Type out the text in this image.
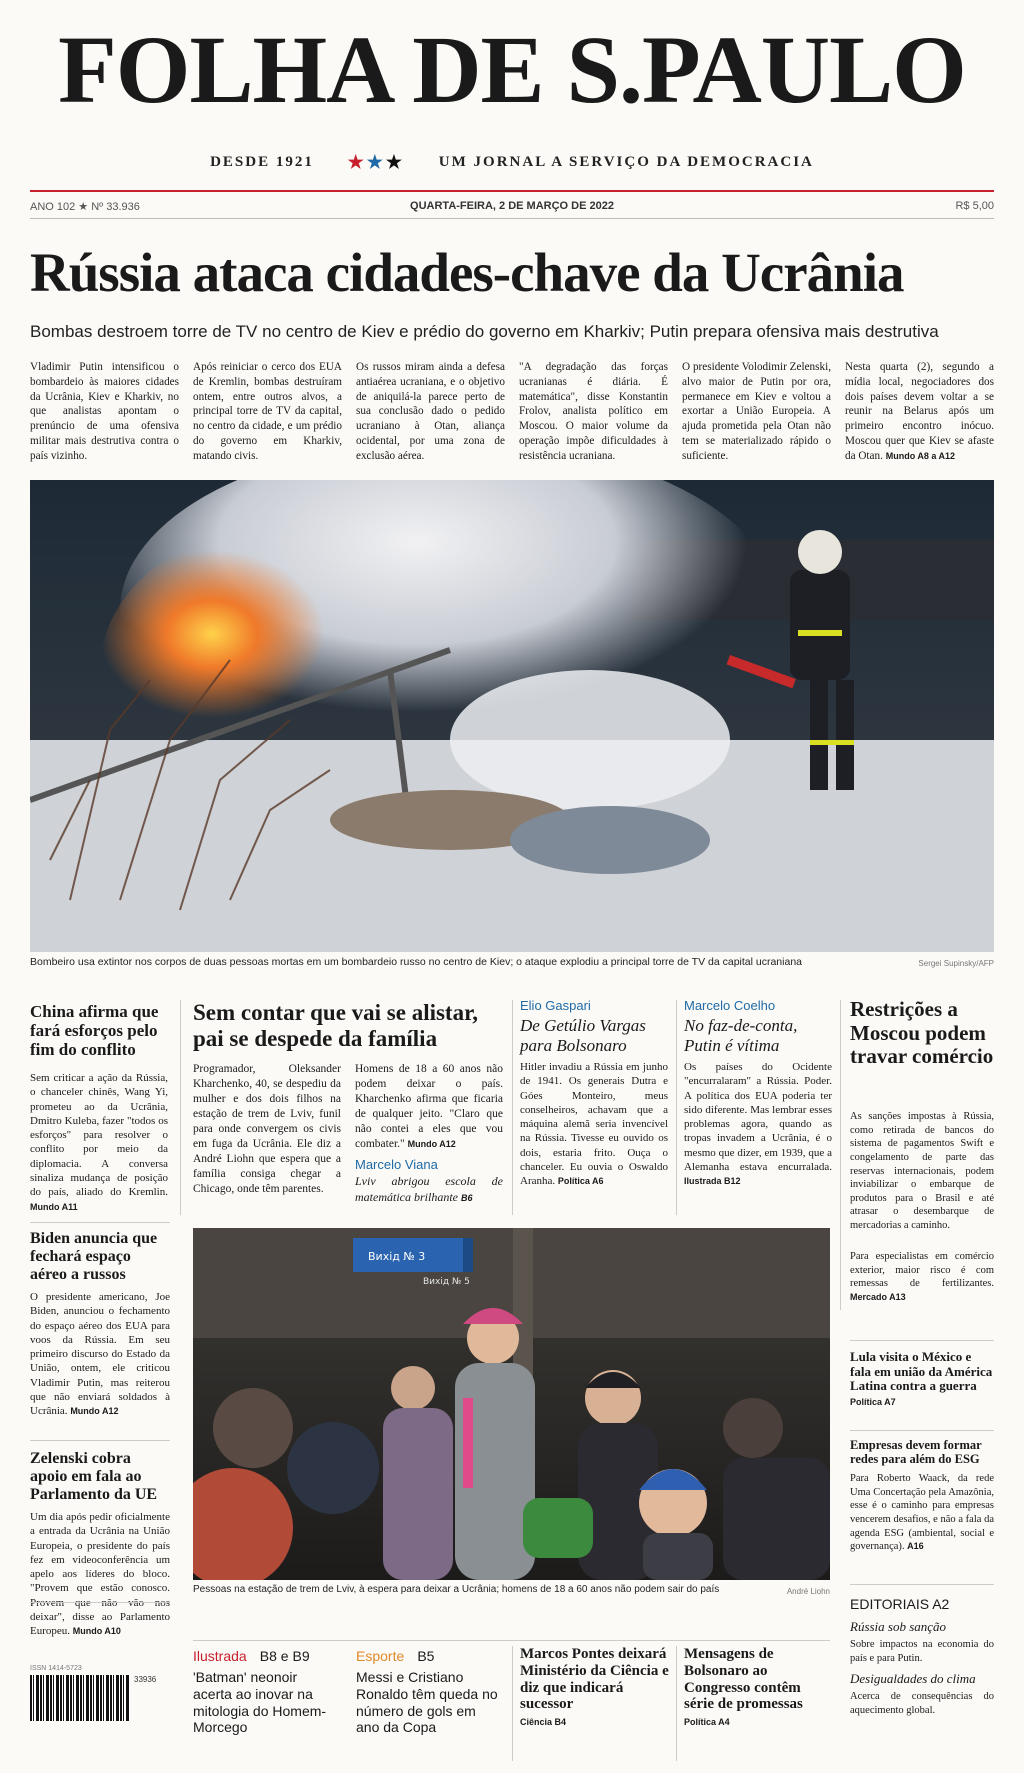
FOLHA DE S.PAULO
DESDE 1921 ★★★ UM JORNAL A SERVIÇO DA DEMOCRACIA
ANO 102 ★ Nº 33.936	QUARTA-FEIRA, 2 DE MARÇO DE 2022	R$ 5,00
Rússia ataca cidades-chave da Ucrânia
Bombas destroem torre de TV no centro de Kiev e prédio do governo em Kharkiv; Putin prepara ofensiva mais destrutiva
Vladimir Putin intensificou o bombardeio às maiores cidades da Ucrânia, Kiev e Kharkiv, no que analistas apontam o prenúncio de uma ofensiva militar mais destrutiva contra o país vizinho.
Após reiniciar o cerco dos EUA de Kremlin, bombas destruíram ontem, entre outros alvos, a principal torre de TV da capital, no centro da cidade, e um prédio do governo em Kharkiv, matando civis.
Os russos miram ainda a defesa antiaérea ucraniana, e o objetivo de aniquilá-la parece perto de sua conclusão dado o pedido ucraniano à Otan, aliança ocidental, por uma zona de exclusão aérea.
"A degradação das forças ucranianas é diária. É matemática", disse Konstantin Frolov, analista político em Moscou. O maior volume da operação impõe dificuldades à resistência ucraniana.
O presidente Volodimir Zelenski, alvo maior de Putin por ora, permanece em Kiev e voltou a exortar a União Europeia. A ajuda prometida pela Otan não tem se materializado rápido o suficiente.
Nesta quarta (2), segundo a mídia local, negociadores dos dois países devem voltar a se reunir na Belarus após um primeiro encontro inócuo. Moscou quer que Kiev se afaste da Otan. Mundo A8 a A12
Bombeiro usa extintor nos corpos de duas pessoas mortas em um bombardeio russo no centro de Kiev; o ataque explodiu a principal torre de TV da capital ucraniana	Sergei Supinsky/AFP
China afirma que fará esforços pelo fim do conflito
Sem criticar a ação da Rússia, o chanceler chinês, Wang Yi, prometeu ao da Ucrânia, Dmitro Kuleba, fazer "todos os esforços" para resolver o conflito por meio da diplomacia. A conversa sinaliza mudança de posição do país, aliado do Kremlin. Mundo A11
Sem contar que vai se alistar, pai se despede da família
Programador, Oleksander Kharchenko, 40, se despediu da mulher e dos dois filhos na estação de trem de Lviv, funil para onde convergem os civis em fuga da Ucrânia. Ele diz a André Liohn que espera que a família consiga chegar a Chicago, onde têm parentes.
Homens de 18 a 60 anos não podem deixar o país. Kharchenko afirma que ficaria de qualquer jeito. "Claro que não contei a eles que vou combater." Mundo A12
Marcelo Viana
Lviv abrigou escola de matemática brilhante B6
Elio Gaspari
De Getúlio Vargas para Bolsonaro
Hitler invadiu a Rússia em junho de 1941. Os generais Dutra e Góes Monteiro, meus conselheiros, achavam que a máquina alemã seria invencível na Rússia. Tivesse eu ouvido os dois, estaria frito. Ouça o chanceler. Eu ouvia o Oswaldo Aranha. Política A6
Marcelo Coelho
No faz-de-conta, Putin é vítima
Os países do Ocidente "encurralaram" a Rússia. Poder. A política dos EUA poderia ter sido diferente. Mas lembrar esses problemas agora, quando as tropas invadem a Ucrânia, é o mesmo que dizer, em 1939, que a Alemanha estava encurralada. Ilustrada B12
Restrições a Moscou podem travar comércio
As sanções impostas à Rússia, como retirada de bancos do sistema de pagamentos Swift e congelamento de parte das reservas internacionais, podem inviabilizar o embarque de produtos para o Brasil e até atrasar o desembarque de mercadorias a caminho.
Para especialistas em comércio exterior, maior risco é com remessas de fertilizantes. Mercado A13
Biden anuncia que fechará espaço aéreo a russos
O presidente americano, Joe Biden, anunciou o fechamento do espaço aéreo dos EUA para voos da Rússia. Em seu primeiro discurso do Estado da União, ontem, ele criticou Vladimir Putin, mas reiterou que não enviará soldados à Ucrânia. Mundo A12
Zelenski cobra apoio em fala ao Parlamento da UE
Um dia após pedir oficialmente a entrada da Ucrânia na União Europeia, o presidente do país fez em videoconferência um apelo aos líderes do bloco. "Provem que estão conosco. deixar", disse ao Parlamento Europeu. Mundo A10
Вихід № 3
Вихід № 5
Pessoas na estação de trem de Lviv, à espera para deixar a Ucrânia; homens de 18 a 60 anos não podem sair do país	André Liohn
Lula visita o México e fala em união da América Latina contra a guerra Política A7
Empresas devem formar redes para além do ESG
Para Roberto Waack, da rede Uma Concertação pela Amazônia, esse é o caminho para empresas vencerem desafios, e não a fala da agenda ESG (ambiental, social e governança). A16
EDITORIAIS A2
Rússia sob sanção
Sobre impactos na economia do país e para Putin.
Desigualdades do clima
Acerca de consequências do aquecimento global.
ISSN 1414-5723
33936
Ilustrada B8 e B9
'Batman' neonoir acerta ao inovar na mitologia do Homem-Morcego
Esporte B5
Messi e Cristiano Ronaldo têm queda no número de gols em ano da Copa
Marcos Pontes deixará Ministério da Ciência e diz que indicará sucessor
Ciência B4
Mensagens de Bolsonaro ao Congresso contêm série de promessas
Política A4
